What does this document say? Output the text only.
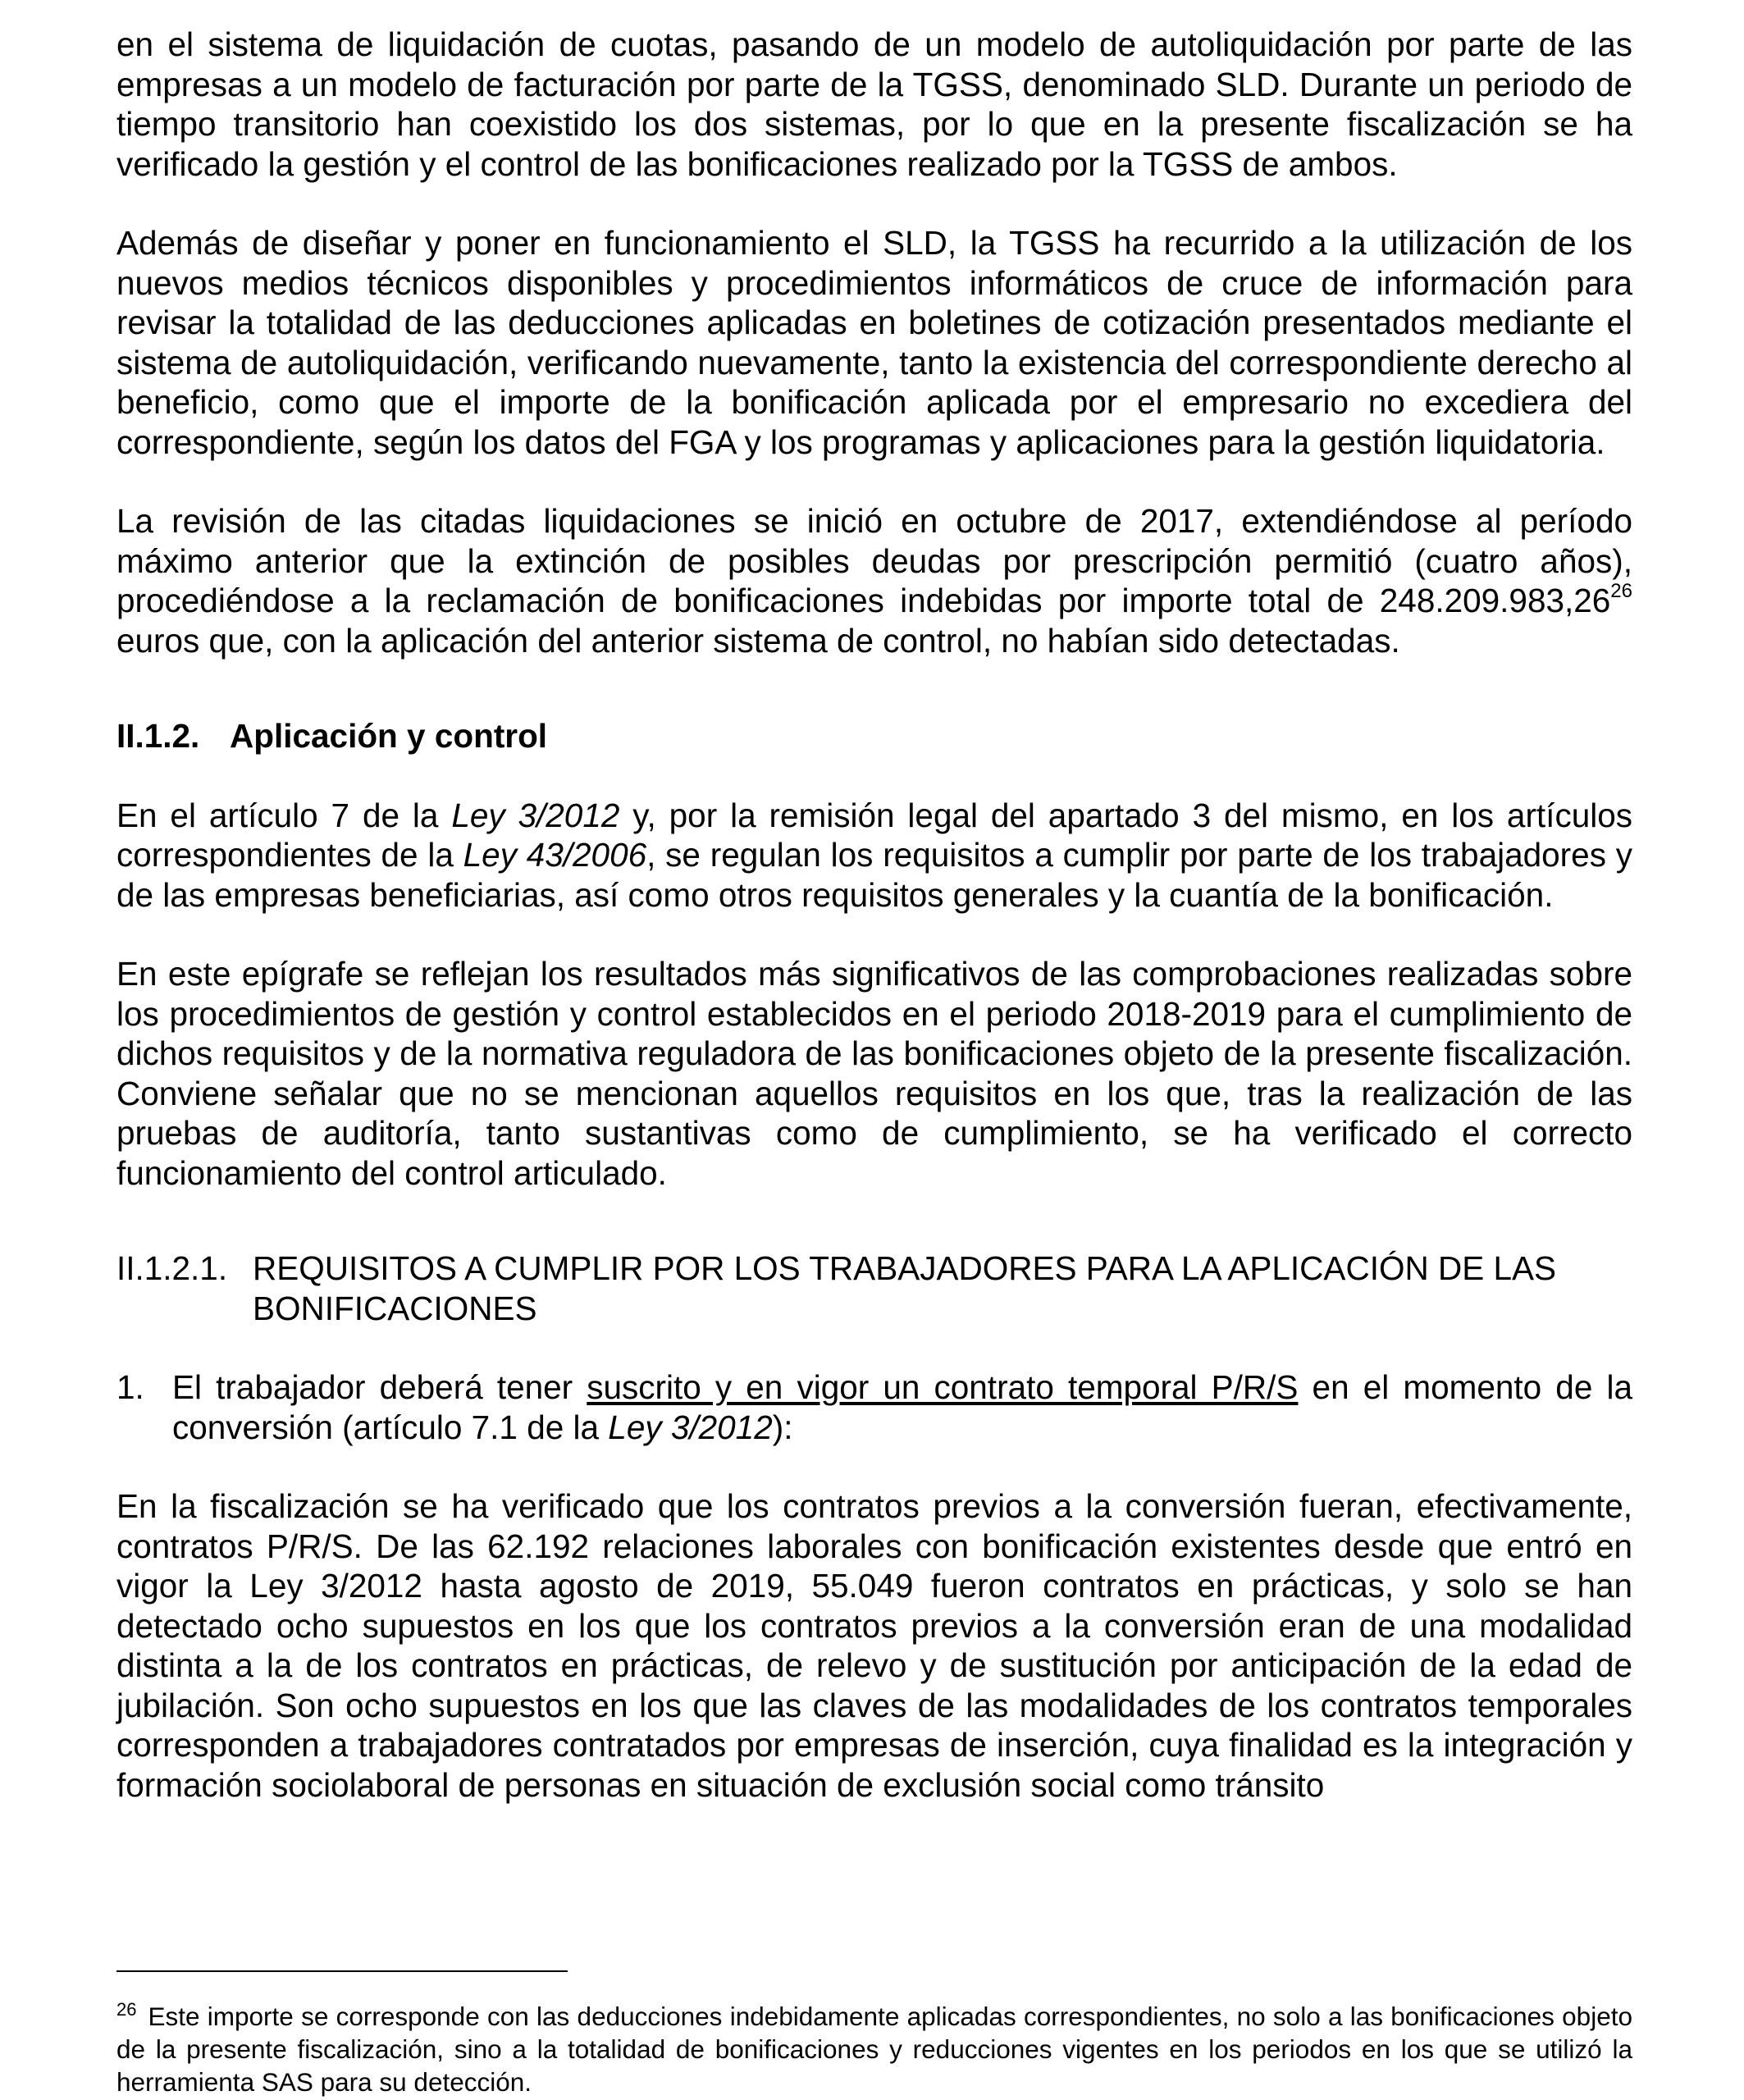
en el sistema de liquidación de cuotas, pasando de un modelo de autoliquidación por parte de las empresas a un modelo de facturación por parte de la TGSS, denominado SLD. Durante un periodo de tiempo transitorio han coexistido los dos sistemas, por lo que en la presente fiscalización se ha verificado la gestión y el control de las bonificaciones realizado por la TGSS de ambos.

Además de diseñar y poner en funcionamiento el SLD, la TGSS ha recurrido a la utilización de los nuevos medios técnicos disponibles y procedimientos informáticos de cruce de información para revisar la totalidad de las deducciones aplicadas en boletines de cotización presentados mediante el sistema de autoliquidación, verificando nuevamente, tanto la existencia del correspondiente derecho al beneficio, como que el importe de la bonificación aplicada por el empresario no excediera del correspondiente, según los datos del FGA y los programas y aplicaciones para la gestión liquidatoria.

La revisión de las citadas liquidaciones se inició en octubre de 2017, extendiéndose al período máximo anterior que la extinción de posibles deudas por prescripción permitió (cuatro años), procediéndose a la reclamación de bonificaciones indebidas por importe total de 248.209.983,26$^{26}$ euros que, con la aplicación del anterior sistema de control, no habían sido detectadas.

II.1.2. Aplicación y control

En el artículo 7 de la Ley 3/2012 y, por la remisión legal del apartado 3 del mismo, en los artículos correspondientes de la Ley 43/2006, se regulan los requisitos a cumplir por parte de los trabajadores y de las empresas beneficiarias, así como otros requisitos generales y la cuantía de la bonificación.

En este epígrafe se reflejan los resultados más significativos de las comprobaciones realizadas sobre los procedimientos de gestión y control establecidos en el periodo 2018-2019 para el cumplimiento de dichos requisitos y de la normativa reguladora de las bonificaciones objeto de la presente fiscalización. Conviene señalar que no se mencionan aquellos requisitos en los que, tras la realización de las pruebas de auditoría, tanto sustantivas como de cumplimiento, se ha verificado el correcto funcionamiento del control articulado.

II.1.2.1. REQUISITOS A CUMPLIR POR LOS TRABAJADORES PARA LA APLICACIÓN DE LAS BONIFICACIONES

1. El trabajador deberá tener suscrito y en vigor un contrato temporal P/R/S en el momento de la conversión (artículo 7.1 de la Ley 3/2012):

En la fiscalización se ha verificado que los contratos previos a la conversión fueran, efectivamente, contratos P/R/S. De las 62.192 relaciones laborales con bonificación existentes desde que entró en vigor la Ley 3/2012 hasta agosto de 2019, 55.049 fueron contratos en prácticas, y solo se han detectado ocho supuestos en los que los contratos previos a la conversión eran de una modalidad distinta a la de los contratos en prácticas, de relevo y de sustitución por anticipación de la edad de jubilación. Son ocho supuestos en los que las claves de las modalidades de los contratos temporales corresponden a trabajadores contratados por empresas de inserción, cuya finalidad es la integración y formación sociolaboral de personas en situación de exclusión social como tránsito

$^{26}$ Este importe se corresponde con las deducciones indebidamente aplicadas correspondientes, no solo a las bonificaciones objeto de la presente fiscalización, sino a la totalidad de bonificaciones y reducciones vigentes en los periodos en los que se utilizó la herramienta SAS para su detección.
